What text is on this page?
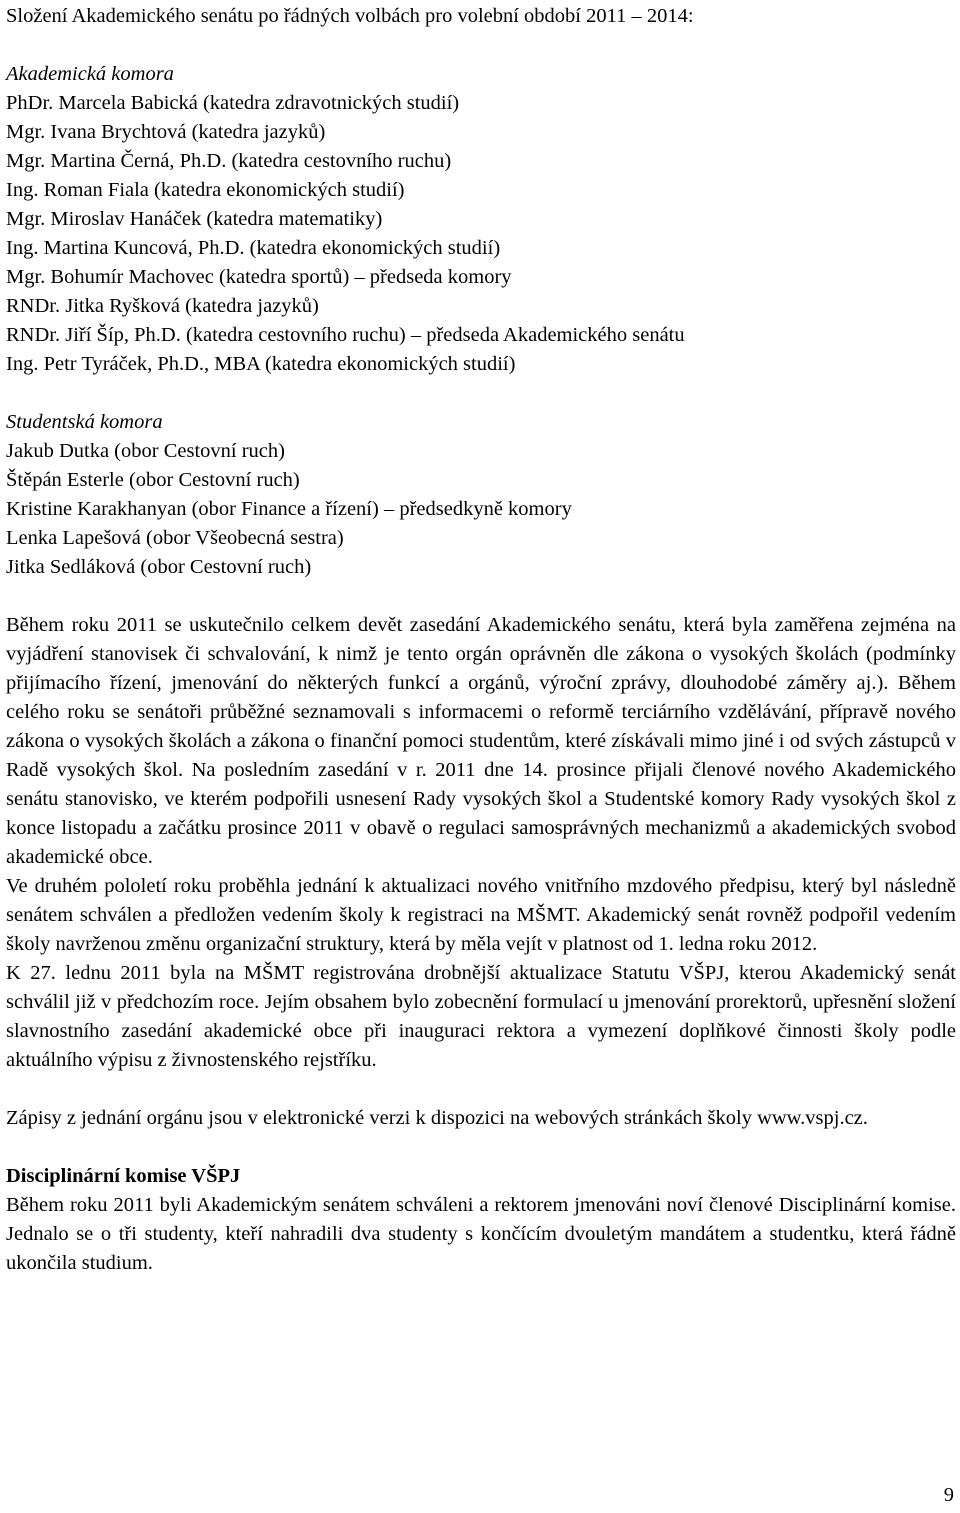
Složení Akademického senátu po řádných volbách pro volební období 2011 – 2014:
Akademická komora
PhDr. Marcela Babická (katedra zdravotnických studií)
Mgr. Ivana Brychtová (katedra jazyků)
Mgr. Martina Černá, Ph.D. (katedra cestovního ruchu)
Ing. Roman Fiala (katedra ekonomických studií)
Mgr. Miroslav Hanáček (katedra matematiky)
Ing. Martina Kuncová, Ph.D. (katedra ekonomických studií)
Mgr. Bohumír Machovec (katedra sportů) – předseda komory
RNDr. Jitka Ryšková (katedra jazyků)
RNDr. Jiří Šíp, Ph.D. (katedra cestovního ruchu) – předseda Akademického senátu
Ing. Petr Tyráček, Ph.D., MBA (katedra ekonomických studií)
Studentská komora
Jakub Dutka (obor Cestovní ruch)
Štěpán Esterle (obor Cestovní ruch)
Kristine Karakhanyan (obor Finance a řízení) – předsedkyně komory
Lenka Lapešová (obor Všeobecná sestra)
Jitka Sedláková (obor Cestovní ruch)

Během roku 2011 se uskutečnilo celkem devět zasedání Akademického senátu, která byla zaměřena zejména na vyjádření stanovisek či schvalování, k nimž je tento orgán oprávněn dle zákona o vysokých školách (podmínky přijímacího řízení, jmenování do některých funkcí a orgánů, výroční zprávy, dlouhodobé záměry aj.). Během celého roku se senátoři průběžné seznamovali s informacemi o reformě terciárního vzdělávání, přípravě nového zákona o vysokých školách a zákona o finanční pomoci studentům, které získávali mimo jiné i od svých zástupců v Radě vysokých škol. Na posledním zasedání v r. 2011 dne 14. prosince přijali členové nového Akademického senátu stanovisko, ve kterém podpořili usnesení Rady vysokých škol a Studentské komory Rady vysokých škol z konce listopadu a začátku prosince 2011 v obavě o regulaci samosprávných mechanizmů a akademických svobod akademické obce.

Ve druhém pololetí roku proběhla jednání k aktualizaci nového vnitřního mzdového předpisu, který byl následně senátem schválen a předložen vedením školy k registraci na MŠMT. Akademický senát rovněž podpořil vedením školy navrženou změnu organizační struktury, která by měla vejít v platnost od 1. ledna roku 2012.

K 27. lednu 2011 byla na MŠMT registrována drobnější aktualizace Statutu VŠPJ, kterou Akademický senát schválil již v předchozím roce. Jejím obsahem bylo zobecnění formulací u jmenování prorektorů, upřesnění složení slavnostního zasedání akademické obce při inauguraci rektora a vymezení doplňkové činnosti školy podle aktuálního výpisu z živnostenského rejstříku.

Zápisy z jednání orgánu jsou v elektronické verzi k dispozici na webových stránkách školy www.vspj.cz.

Disciplinární komise VŠPJ

Během roku 2011 byli Akademickým senátem schváleni a rektorem jmenováni noví členové Disciplinární komise. Jednalo se o tři studenty, kteří nahradili dva studenty s končícím dvouletým mandátem a studentku, která řádně ukončila studium.

9
